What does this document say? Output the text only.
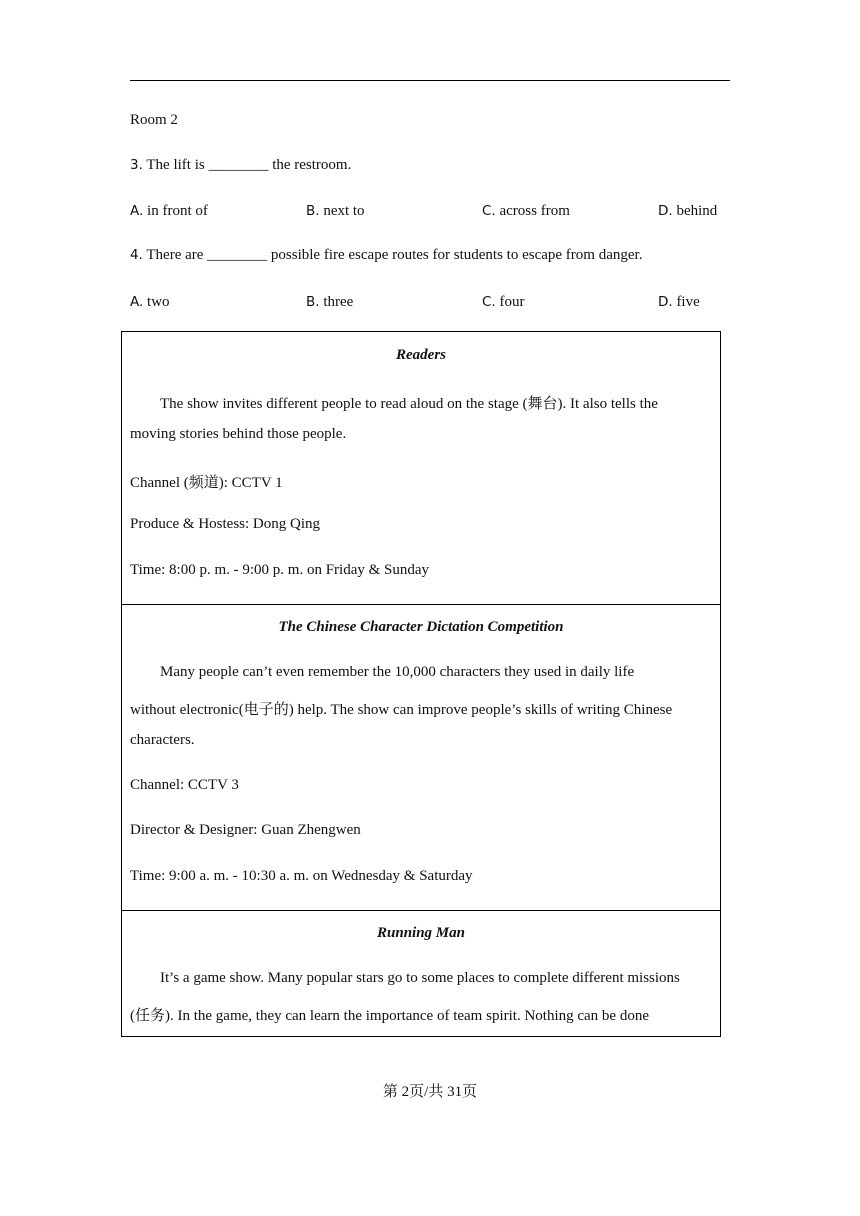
Room 2
3. The lift is ________ the restroom.
A. in front of	B. next to	C. across from	D. behind
4. There are ________ possible fire escape routes for students to escape from danger.
A. two	B. three	C. four	D. five
Readers
The show invites different people to read aloud on the stage (舞台). It also tells the
moving stories behind those people.
Channel (频道): CCTV 1
Produce & Hostess: Dong Qing
Time: 8:00 p. m. - 9:00 p. m. on Friday & Sunday
The Chinese Character Dictation Competition
Many people can’t even remember the 10,000 characters they used in daily life
without electronic(电子的) help. The show can improve people’s skills of writing Chinese
characters.
Channel: CCTV 3
Director & Designer: Guan Zhengwen
Time: 9:00 a. m. - 10:30 a. m. on Wednesday & Saturday
Running Man
It’s a game show. Many popular stars go to some places to complete different missions
(任务). In the game, they can learn the importance of team spirit. Nothing can be done
第 2页/共 31页
